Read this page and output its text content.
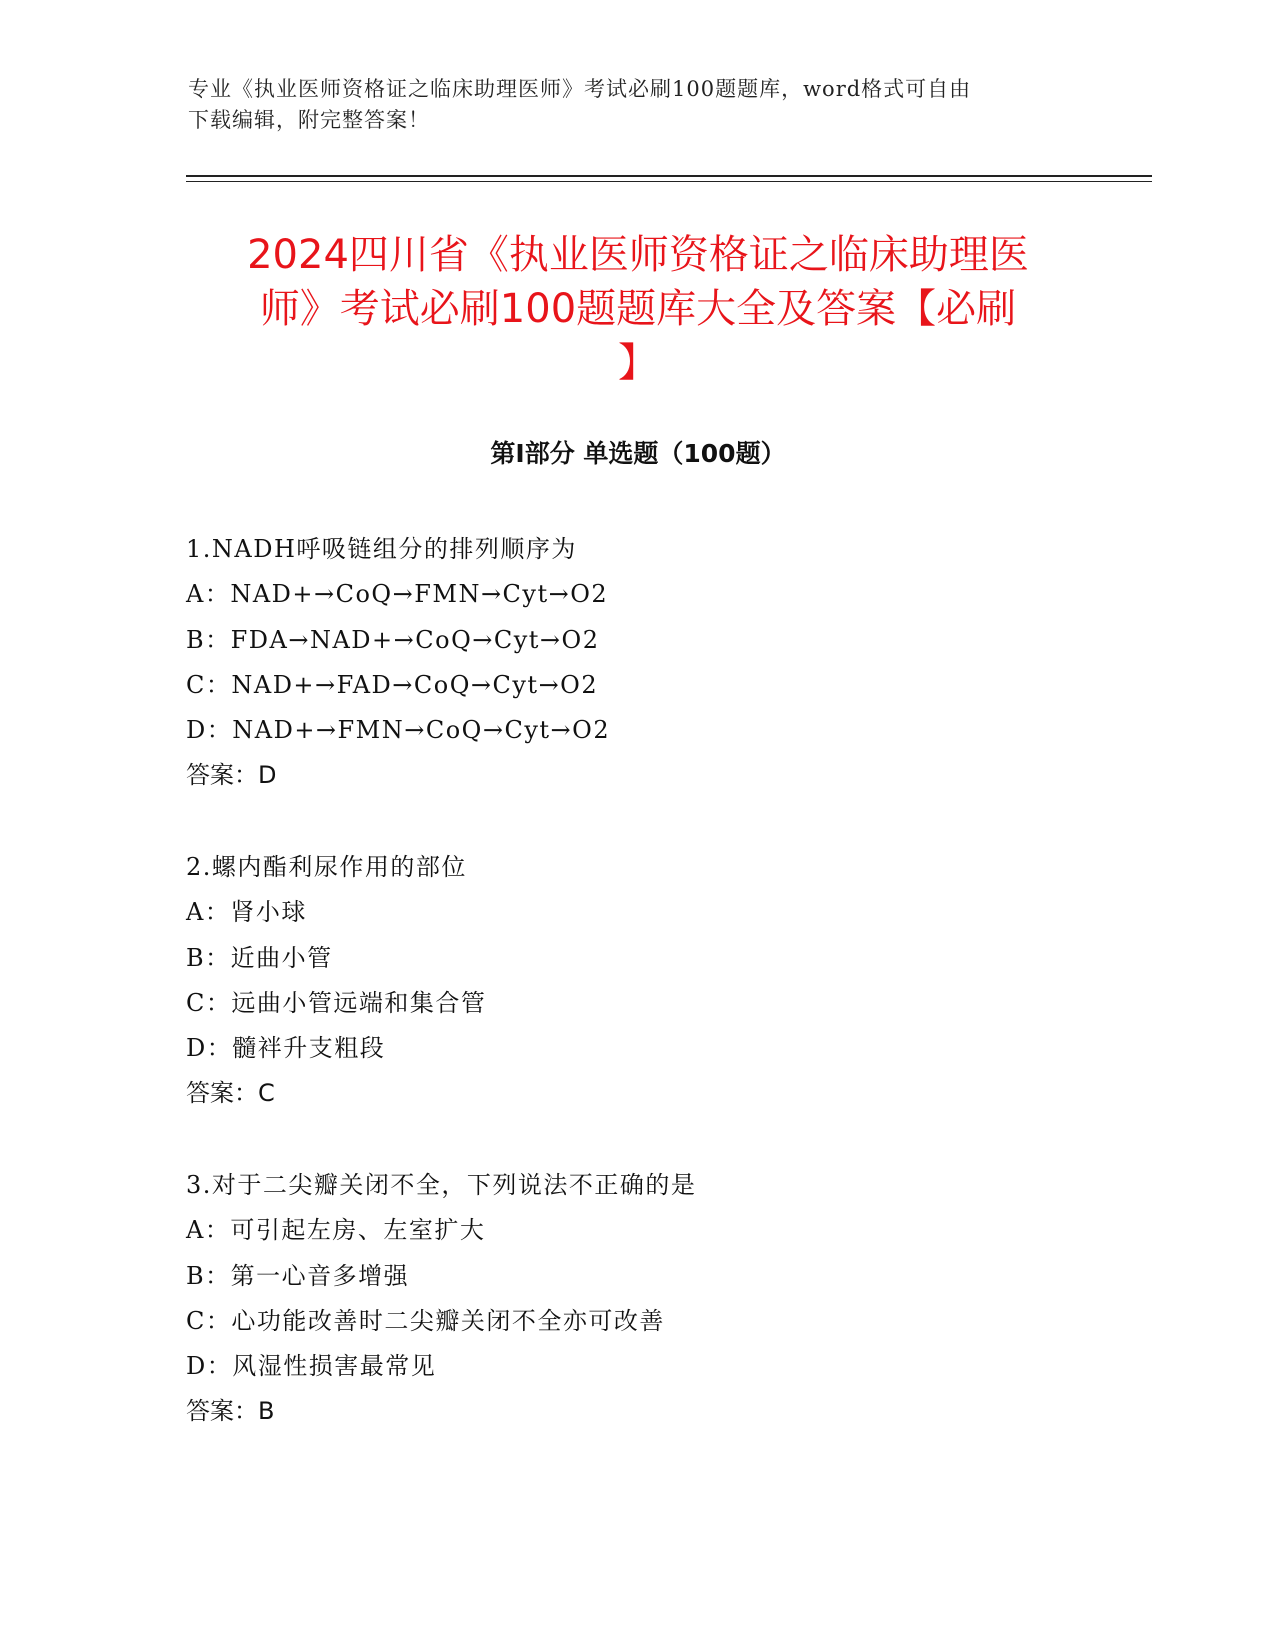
专业《执业医师资格证之临床助理医师》考试必刷100题题库，word格式可自由

下载编辑，附完整答案！

2024四川省《执业医师资格证之临床助理医
师》考试必刷100题题库大全及答案【必刷
】
第Ⅰ部分 单选题（100题）
1.NADH呼吸链组分的排列顺序为
A：NAD+→CoQ→FMN→Cyt→O2
B：FDA→NAD+→CoQ→Cyt→O2
C：NAD+→FAD→CoQ→Cyt→O2
D：NAD+→FMN→CoQ→Cyt→O2
答案：D
2.螺内酯利尿作用的部位
A：肾小球
B：近曲小管
C：远曲小管远端和集合管
D：髓袢升支粗段
答案：C
3.对于二尖瓣关闭不全，下列说法不正确的是
A：可引起左房、左室扩大
B：第一心音多增强
C：心功能改善时二尖瓣关闭不全亦可改善
D：风湿性损害最常见
答案：B
